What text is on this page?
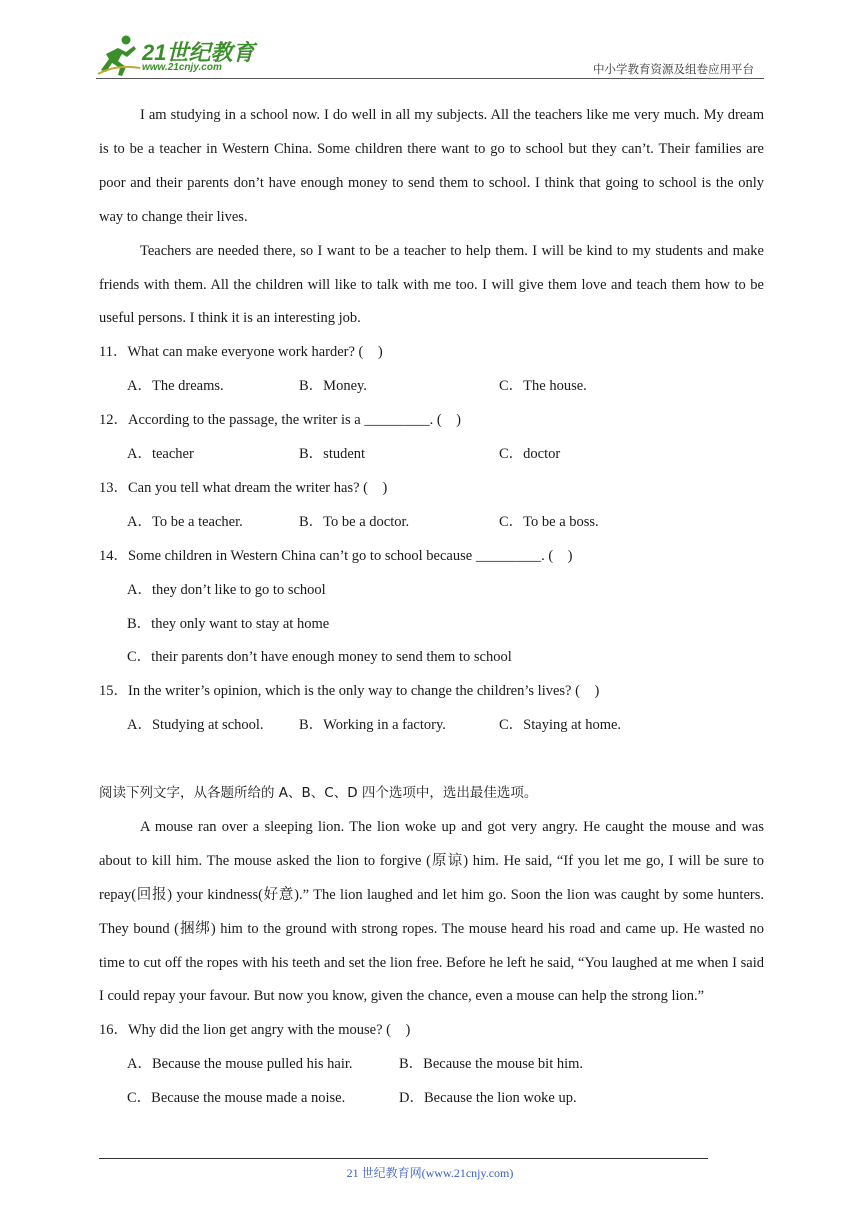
21世纪教育
www.21cnjy.com	中小学教育资源及组卷应用平台

I am studying in a school now. I do well in all my subjects. All the teachers like me very much. My dream is to be a teacher in Western China. Some children there want to go to school but they can’t. Their families are poor and their parents don’t have enough money to send them to school. I think that going to school is the only way to change their lives.

Teachers are needed there, so I want to be a teacher to help them. I will be kind to my students and make friends with them. All the children will like to talk with me too. I will give them love and teach them how to be useful persons. I think it is an interesting job.

11．What can make everyone work harder? (    )

A．The dreams.	B．Money.	C．The house.

12．According to the passage, the writer is a _________. (    )

A．teacher	B．student	C．doctor

13．Can you tell what dream the writer has? (    )

A．To be a teacher.	B．To be a doctor.	C．To be a boss.

14．Some children in Western China can’t go to school because _________. (    )

A．they don’t like to go to school

B．they only want to stay at home

C．their parents don’t have enough money to send them to school

15．In the writer’s opinion, which is the only way to change the children’s lives? (    )

A．Studying at school. B．Working in a factory.	C．Staying at home.

阅读下列文字，从各题所给的 A、B、C、D 四个选项中，选出最佳选项。

A mouse ran over a sleeping lion. The lion woke up and got very angry. He caught the mouse and was about to kill him. The mouse asked the lion to forgive (原谅) him. He said, “If you let me go, I will be sure to repay(回报) your kindness(好意).” The lion laughed and let him go. Soon the lion was caught by some hunters. They bound (捆绑) him to the ground with strong ropes. The mouse heard his road and came up. He wasted no time to cut off the ropes with his teeth and set the lion free. Before he left he said, “You laughed at me when I said I could repay your favour. But now you know, given the chance, even a mouse can help the strong lion.”

16．Why did the lion get angry with the mouse? (    )

A．Because the mouse pulled his hair.	B．Because the mouse bit him.
C．Because the mouse made a noise.	D．Because the lion woke up.
21 世纪教育网(www.21cnjy.com)
